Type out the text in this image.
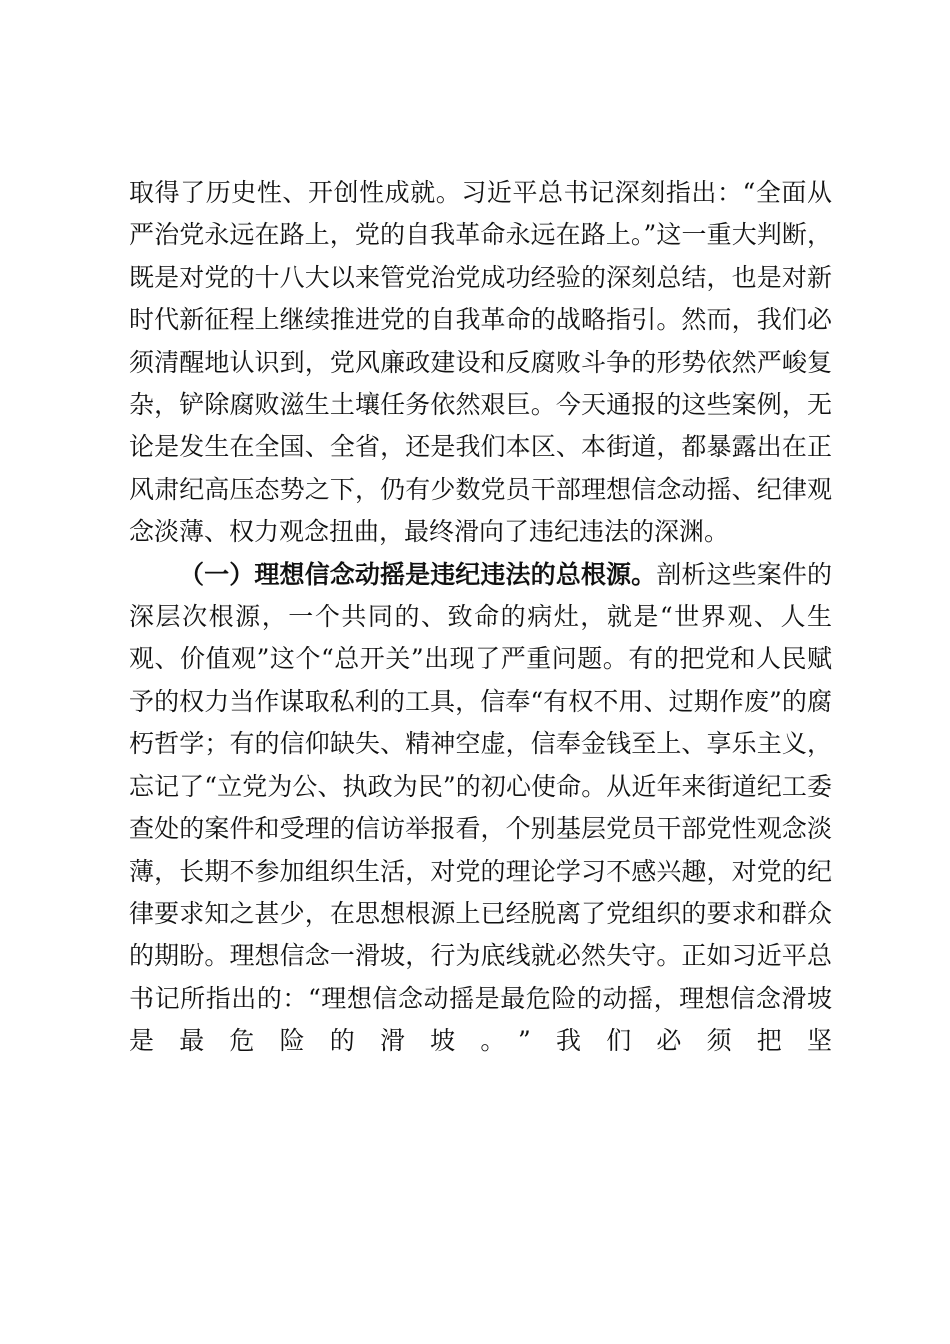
取得了历史性、开创性成就。习近平总书记深刻指出：“全面从严治党永远在路上，党的自我革命永远在路上。”这一重大判断，既是对党的十八大以来管党治党成功经验的深刻总结，也是对新时代新征程上继续推进党的自我革命的战略指引。然而，我们必须清醒地认识到，党风廉政建设和反腐败斗争的形势依然严峻复杂，铲除腐败滋生土壤任务依然艰巨。今天通报的这些案例，无论是发生在全国、全省，还是我们本区、本街道，都暴露出在正风肃纪高压态势之下，仍有少数党员干部理想信念动摇、纪律观念淡薄、权力观念扭曲，最终滑向了违纪违法的深渊。

（一）理想信念动摇是违纪违法的总根源。剖析这些案件的深层次根源，一个共同的、致命的病灶，就是“世界观、人生观、价值观”这个“总开关”出现了严重问题。有的把党和人民赋予的权力当作谋取私利的工具，信奉“有权不用、过期作废”的腐朽哲学；有的信仰缺失、精神空虚，信奉金钱至上、享乐主义，忘记了“立党为公、执政为民”的初心使命。从近年来街道纪工委查处的案件和受理的信访举报看，个别基层党员干部党性观念淡薄，长期不参加组织生活，对党的理论学习不感兴趣，对党的纪律要求知之甚少，在思想根源上已经脱离了党组织的要求和群众的期盼。理想信念一滑坡，行为底线就必然失守。正如习近平总书记所指出的：“理想信念动摇是最危险的动摇，理想信念滑坡是最危险的滑坡。”我们必须把坚
